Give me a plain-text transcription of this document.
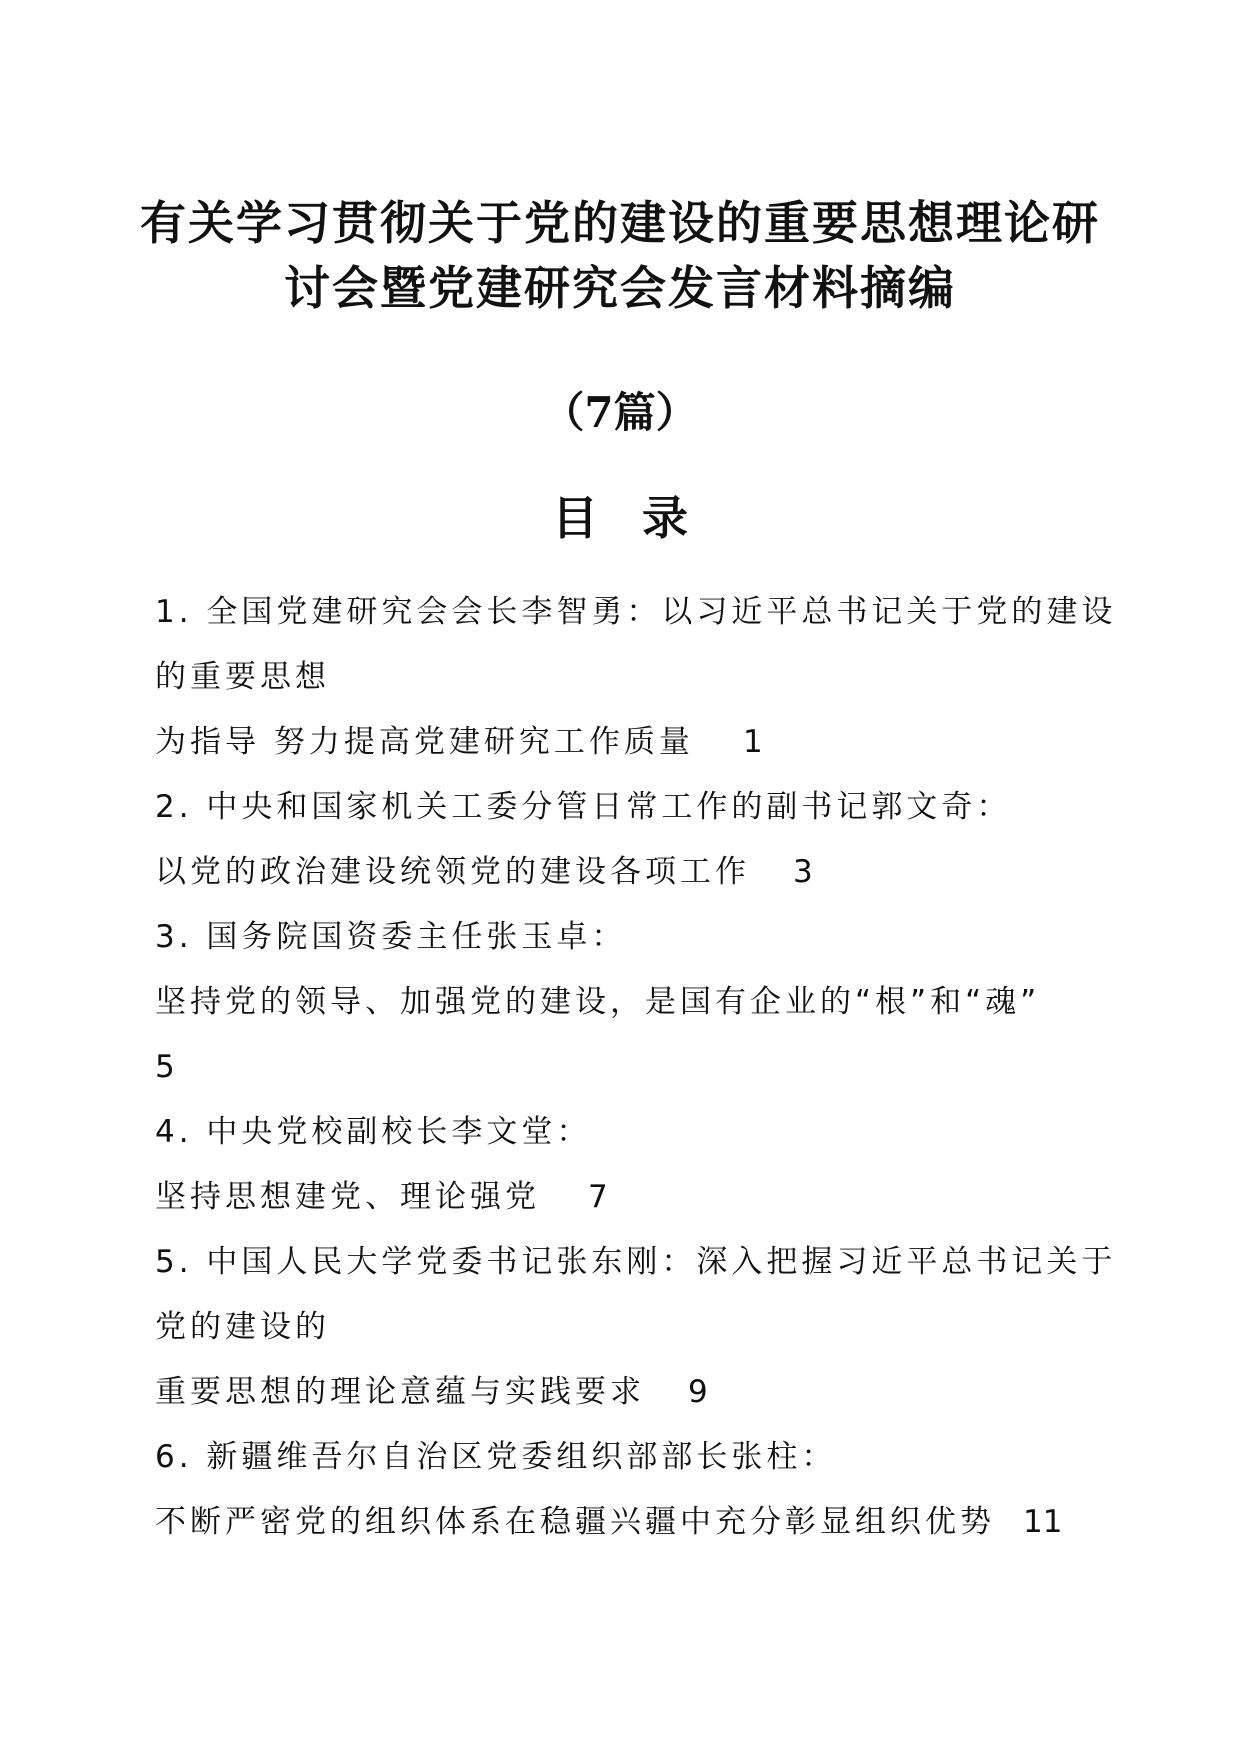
有关学习贯彻关于党的建设的重要思想理论研
讨会暨党建研究会发言材料摘编
（7篇）
目录
1. 全国党建研究会会长李智勇：以习近平总书记关于党的建设
的重要思想
为指导 努力提高党建研究工作质量 1
2. 中央和国家机关工委分管日常工作的副书记郭文奇：
以党的政治建设统领党的建设各项工作 3
3. 国务院国资委主任张玉卓：
坚持党的领导、加强党的建设，是国有企业的“根”和“魂”
5
4. 中央党校副校长李文堂：
坚持思想建党、理论强党 7
5. 中国人民大学党委书记张东刚：深入把握习近平总书记关于
党的建设的
重要思想的理论意蕴与实践要求 9
6. 新疆维吾尔自治区党委组织部部长张柱：
不断严密党的组织体系在稳疆兴疆中充分彰显组织优势 11
